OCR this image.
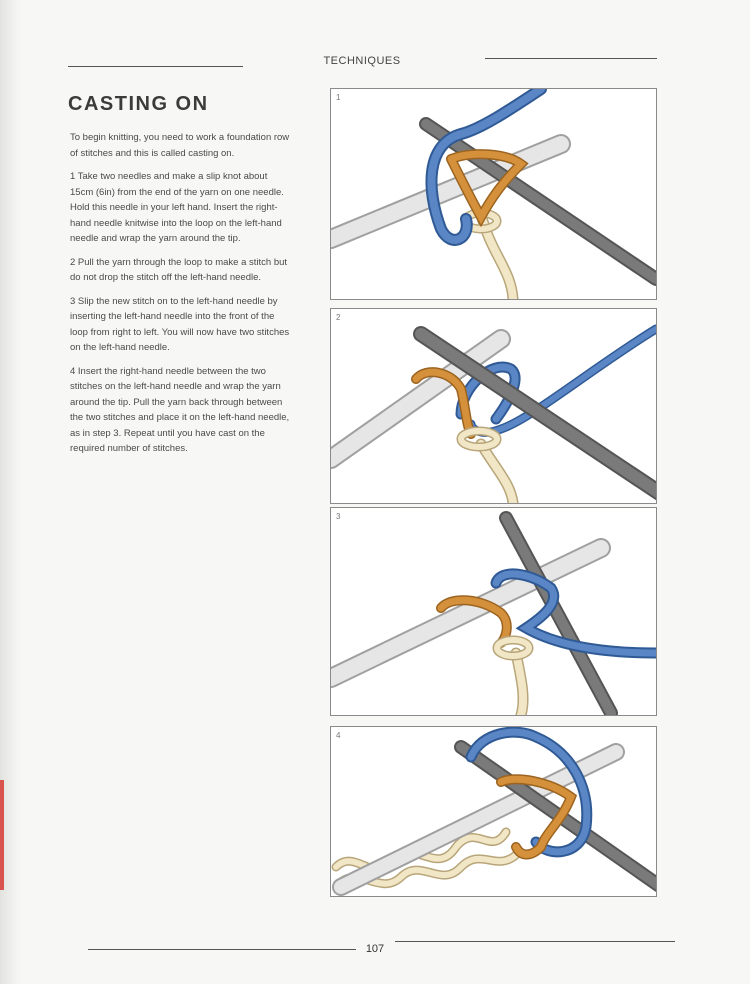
TECHNIQUES
CASTING ON

To begin knitting, you need to work a foundation row of stitches and this is called casting on.

1 Take two needles and make a slip knot about 15cm (6in) from the end of the yarn on one needle. Hold this needle in your left hand. Insert the right-hand needle knitwise into the loop on the left-hand needle and wrap the yarn around the tip.

2 Pull the yarn through the loop to make a stitch but do not drop the stitch off the left-hand needle.

3 Slip the new stitch on to the left-hand needle by inserting the left-hand needle into the front of the loop from right to left. You will now have two stitches on the left-hand needle.

4 Insert the right-hand needle between the two stitches on the left-hand needle and wrap the yarn around the tip. Pull the yarn back through between the two stitches and place it on the left-hand needle, as in step 3. Repeat until you have cast on the required number of stitches.

1
2
3
4
107
